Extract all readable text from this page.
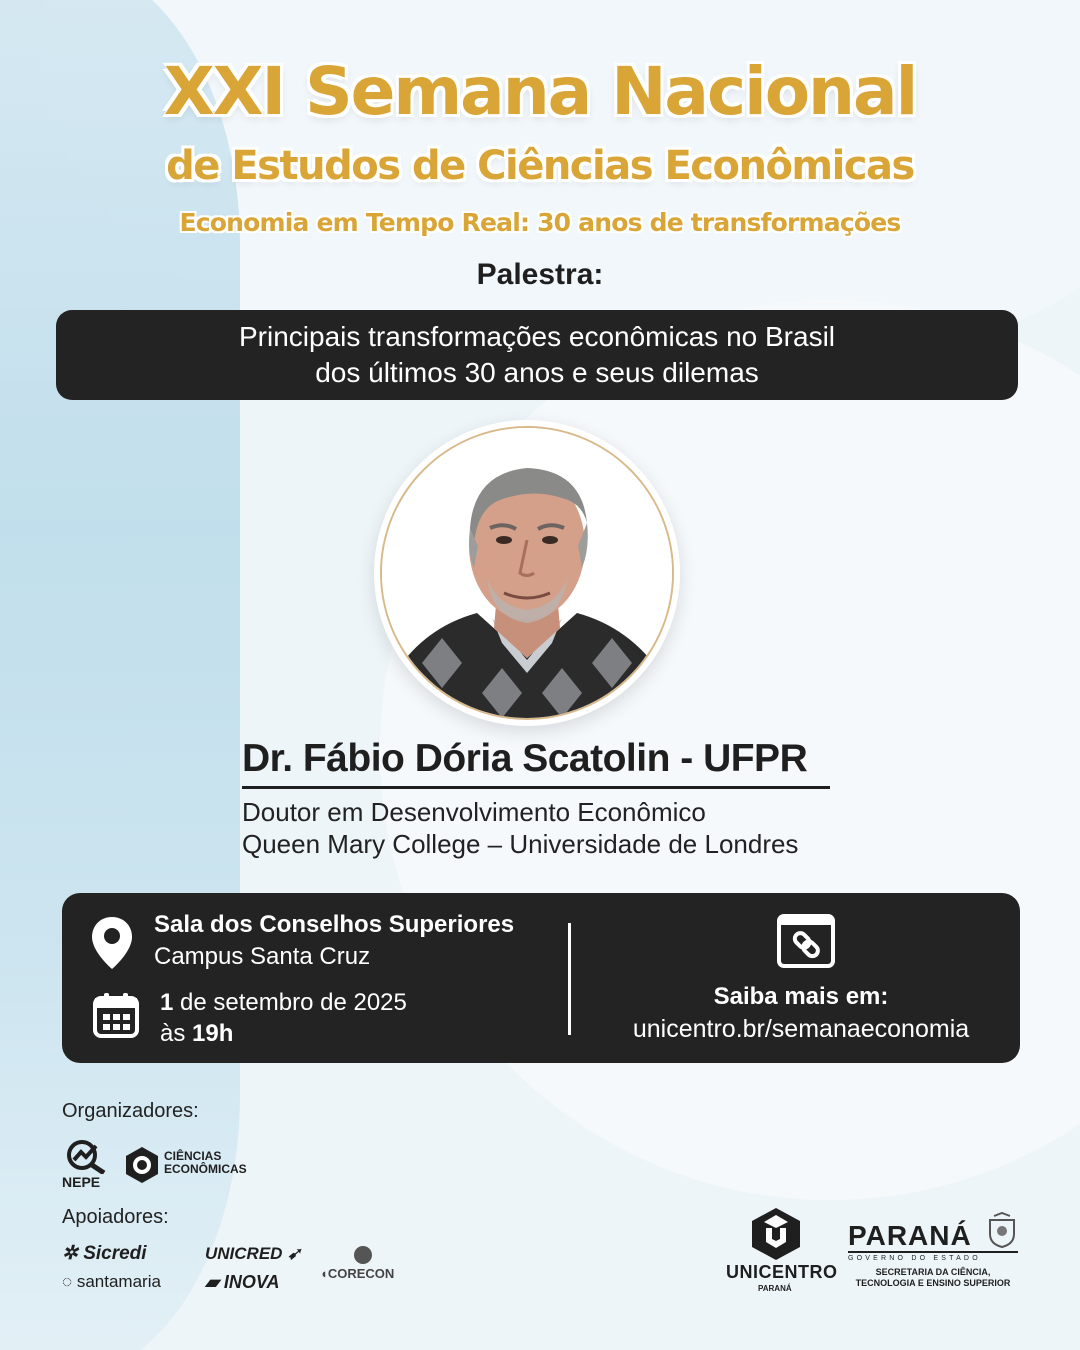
XXI Semana Nacional
de Estudos de Ciências Econômicas
Economia em Tempo Real: 30 anos de transformações
Palestra:
Principais transformações econômicas no Brasil
dos últimos 30 anos e seus dilemas
Dr. Fábio Dória Scatolin - UFPR
Doutor em Desenvolvimento Econômico
Queen Mary College – Universidade de Londres
Sala dos Conselhos Superiores
Campus Santa Cruz
1 de setembro de 2025
às 19h
Saiba mais em:
unicentro.br/semanaeconomia
Organizadores:
NEPE
CIÊNCIAS
ECONÔMICAS
Apoiadores:
✲ Sicredi
◌ santamaria
UNICRED ➹
▰ INOVA	◖CORECON	UNICENTRO
PARANÁ
PARANÁ
GOVERNO DO ESTADO
SECRETARIA DA CIÊNCIA,
TECNOLOGIA E ENSINO SUPERIOR
